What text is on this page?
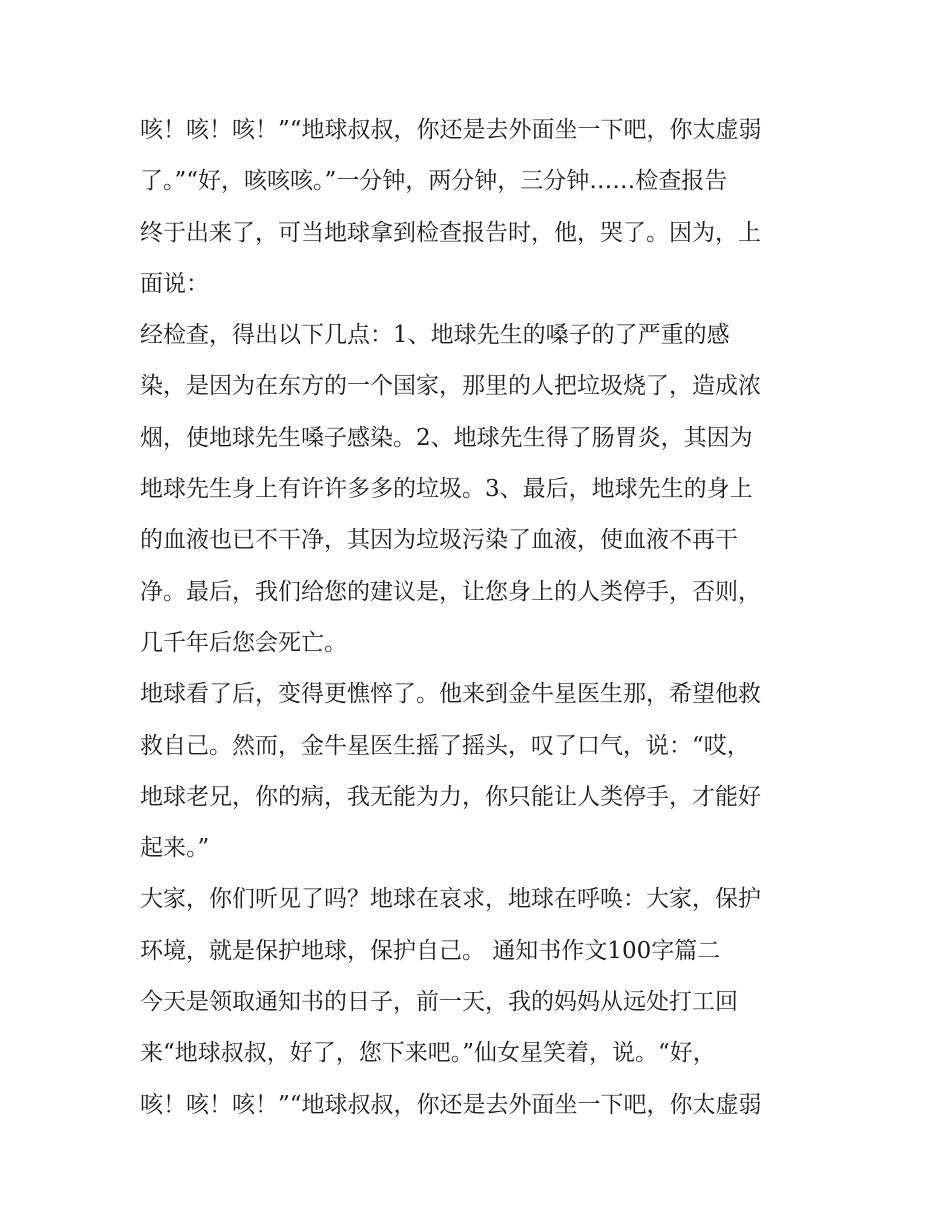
咳！咳！咳！”“地球叔叔，你还是去外面坐一下吧，你太虚弱
了。”“好，咳咳咳。”一分钟，两分钟，三分钟……检查报告
终于出来了，可当地球拿到检查报告时，他，哭了。因为，上
面说：
经检查，得出以下几点：1、地球先生的嗓子的了严重的感
染，是因为在东方的一个国家，那里的人把垃圾烧了，造成浓
烟，使地球先生嗓子感染。2、地球先生得了肠胃炎，其因为
地球先生身上有许许多多的垃圾。3、最后，地球先生的身上
的血液也已不干净，其因为垃圾污染了血液，使血液不再干
净。最后，我们给您的建议是，让您身上的人类停手，否则，
几千年后您会死亡。
地球看了后，变得更憔悴了。他来到金牛星医生那，希望他救
救自己。然而，金牛星医生摇了摇头，叹了口气，说：“哎，
地球老兄，你的病，我无能为力，你只能让人类停手，才能好
起来。”
大家，你们听见了吗？地球在哀求，地球在呼唤：大家，保护
环境，就是保护地球，保护自己。 通知书作文100字篇二
今天是领取通知书的日子，前一天，我的妈妈从远处打工回
来“地球叔叔，好了，您下来吧。”仙女星笑着，说。“好，
咳！咳！咳！”“地球叔叔，你还是去外面坐一下吧，你太虚弱
